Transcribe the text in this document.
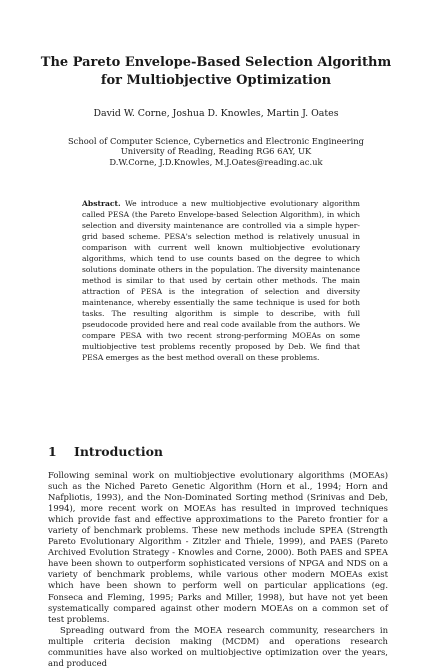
The Pareto Envelope-Based Selection Algorithm
for Multiobjective Optimization
David W. Corne, Joshua D. Knowles, Martin J. Oates
School of Computer Science, Cybernetics and Electronic Engineering
University of Reading, Reading RG6 6AY, UK
D.W.Corne, J.D.Knowles, M.J.Oates@reading.ac.uk
Abstract. We introduce a new multiobjective evolutionary algorithm called PESA (the Pareto Envelope-based Selection Algorithm), in which selection and diversity maintenance are controlled via a simple hyper-grid based scheme. PESA's selection method is relatively unusual in comparison with current well known multiobjective evolutionary algorithms, which tend to use counts based on the degree to which solutions dominate others in the population. The diversity maintenance method is similar to that used by certain other methods. The main attraction of PESA is the integration of selection and diversity maintenance, whereby essentially the same technique is used for both tasks. The resulting algorithm is simple to describe, with full pseudocode provided here and real code available from the authors. We compare PESA with two recent strong-performing MOEAs on some multiobjective test problems recently proposed by Deb. We find that PESA emerges as the best method overall on these problems.
1 Introduction

Following seminal work on multiobjective evolutionary algorithms (MOEAs) such as the Niched Pareto Genetic Algorithm (Horn et al., 1994; Horn and Nafpliotis, 1993), and the Non-Dominated Sorting method (Srinivas and Deb, 1994), more recent work on MOEAs has resulted in improved techniques which provide fast and effective approximations to the Pareto frontier for a variety of benchmark problems. These new methods include SPEA (Strength Pareto Evolutionary Algorithm - Zitzler and Thiele, 1999), and PAES (Pareto Archived Evolution Strategy - Knowles and Corne, 2000). Both PAES and SPEA have been shown to outperform sophisticated versions of NPGA and NDS on a variety of benchmark problems, while various other modern MOEAs exist which have been shown to perform well on particular applications (eg. Fonseca and Fleming, 1995; Parks and Miller, 1998), but have not yet been systematically compared against other modern MOEAs on a common set of test problems.

Spreading outward from the MOEA research community, researchers in multiple criteria decision making (MCDM) and operations research communities have also worked on multiobjective optimization over the years, and produced
